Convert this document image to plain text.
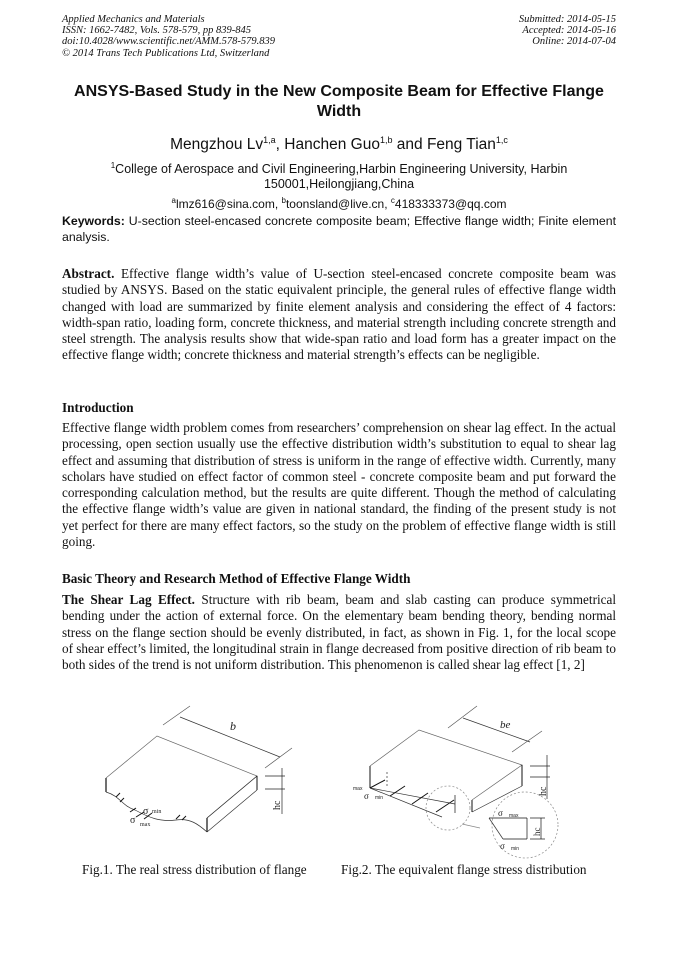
Applied Mechanics and Materials
ISSN: 1662-7482, Vols. 578-579, pp 839-845
doi:10.4028/www.scientific.net/AMM.578-579.839
© 2014 Trans Tech Publications Ltd, Switzerland
Submitted: 2014-05-15
Accepted: 2014-05-16
Online: 2014-07-04
ANSYS-Based Study in the New Composite Beam for Effective Flange Width
Mengzhou Lv$^{1,a}$, Hanchen Guo$^{1,b}$ and Feng Tian$^{1,c}$
$^1$College of Aerospace and Civil Engineering,Harbin Engineering University, Harbin 150001,Heilongjiang,China
$^a$lmz616@sina.com, $^b$toonsland@live.cn, $^c$418333373@qq.com
Keywords: U-section steel-encased concrete composite beam; Effective flange width; Finite element analysis.
Abstract. Effective flange width’s value of U-section steel-encased concrete composite beam was studied by ANSYS. Based on the static equivalent principle, the general rules of effective flange width changed with load are summarized by finite element analysis and considering the effect of 4 factors: width-span ratio, loading form, concrete thickness, and material strength including concrete strength and steel strength. The analysis results show that wide-span ratio and load form has a greater impact on the effective flange width; concrete thickness and material strength’s effects can be negligible.
Introduction
Effective flange width problem comes from researchers’ comprehension on shear lag effect. In the actual processing, open section usually use the effective distribution width’s substitution to equal to shear lag effect and assuming that distribution of stress is uniform in the range of effective width. Currently, many scholars have studied on effect factor of common steel - concrete composite beam and put forward the corresponding calculation method, but the results are quite different. Though the method of calculating the effective flange width’s value are given in national standard, the finding of the present study is not yet perfect for there are many effect factors, so the study on the problem of effective flange width is still going.
Basic Theory and Research Method of Effective Flange Width
The Shear Lag Effect. Structure with rib beam, beam and slab casting can produce symmetrical bending under the action of external force. On the elementary beam bending theory, bending normal stress on the flange section should be evenly distributed, in fact, as shown in Fig. 1, for the local scope of shear effect’s limited, the longitudinal strain in flange decreased from positive direction of rib beam to both sides of the trend is not uniform distribution. This phenomenon is called shear lag effect [1, 2]
b
hc
σ min
σ max
be
hc
hc
max
σ min
σ max
σ min
Fig.1. The real stress distribution of flange	Fig.2. The equivalent flange stress distribution
